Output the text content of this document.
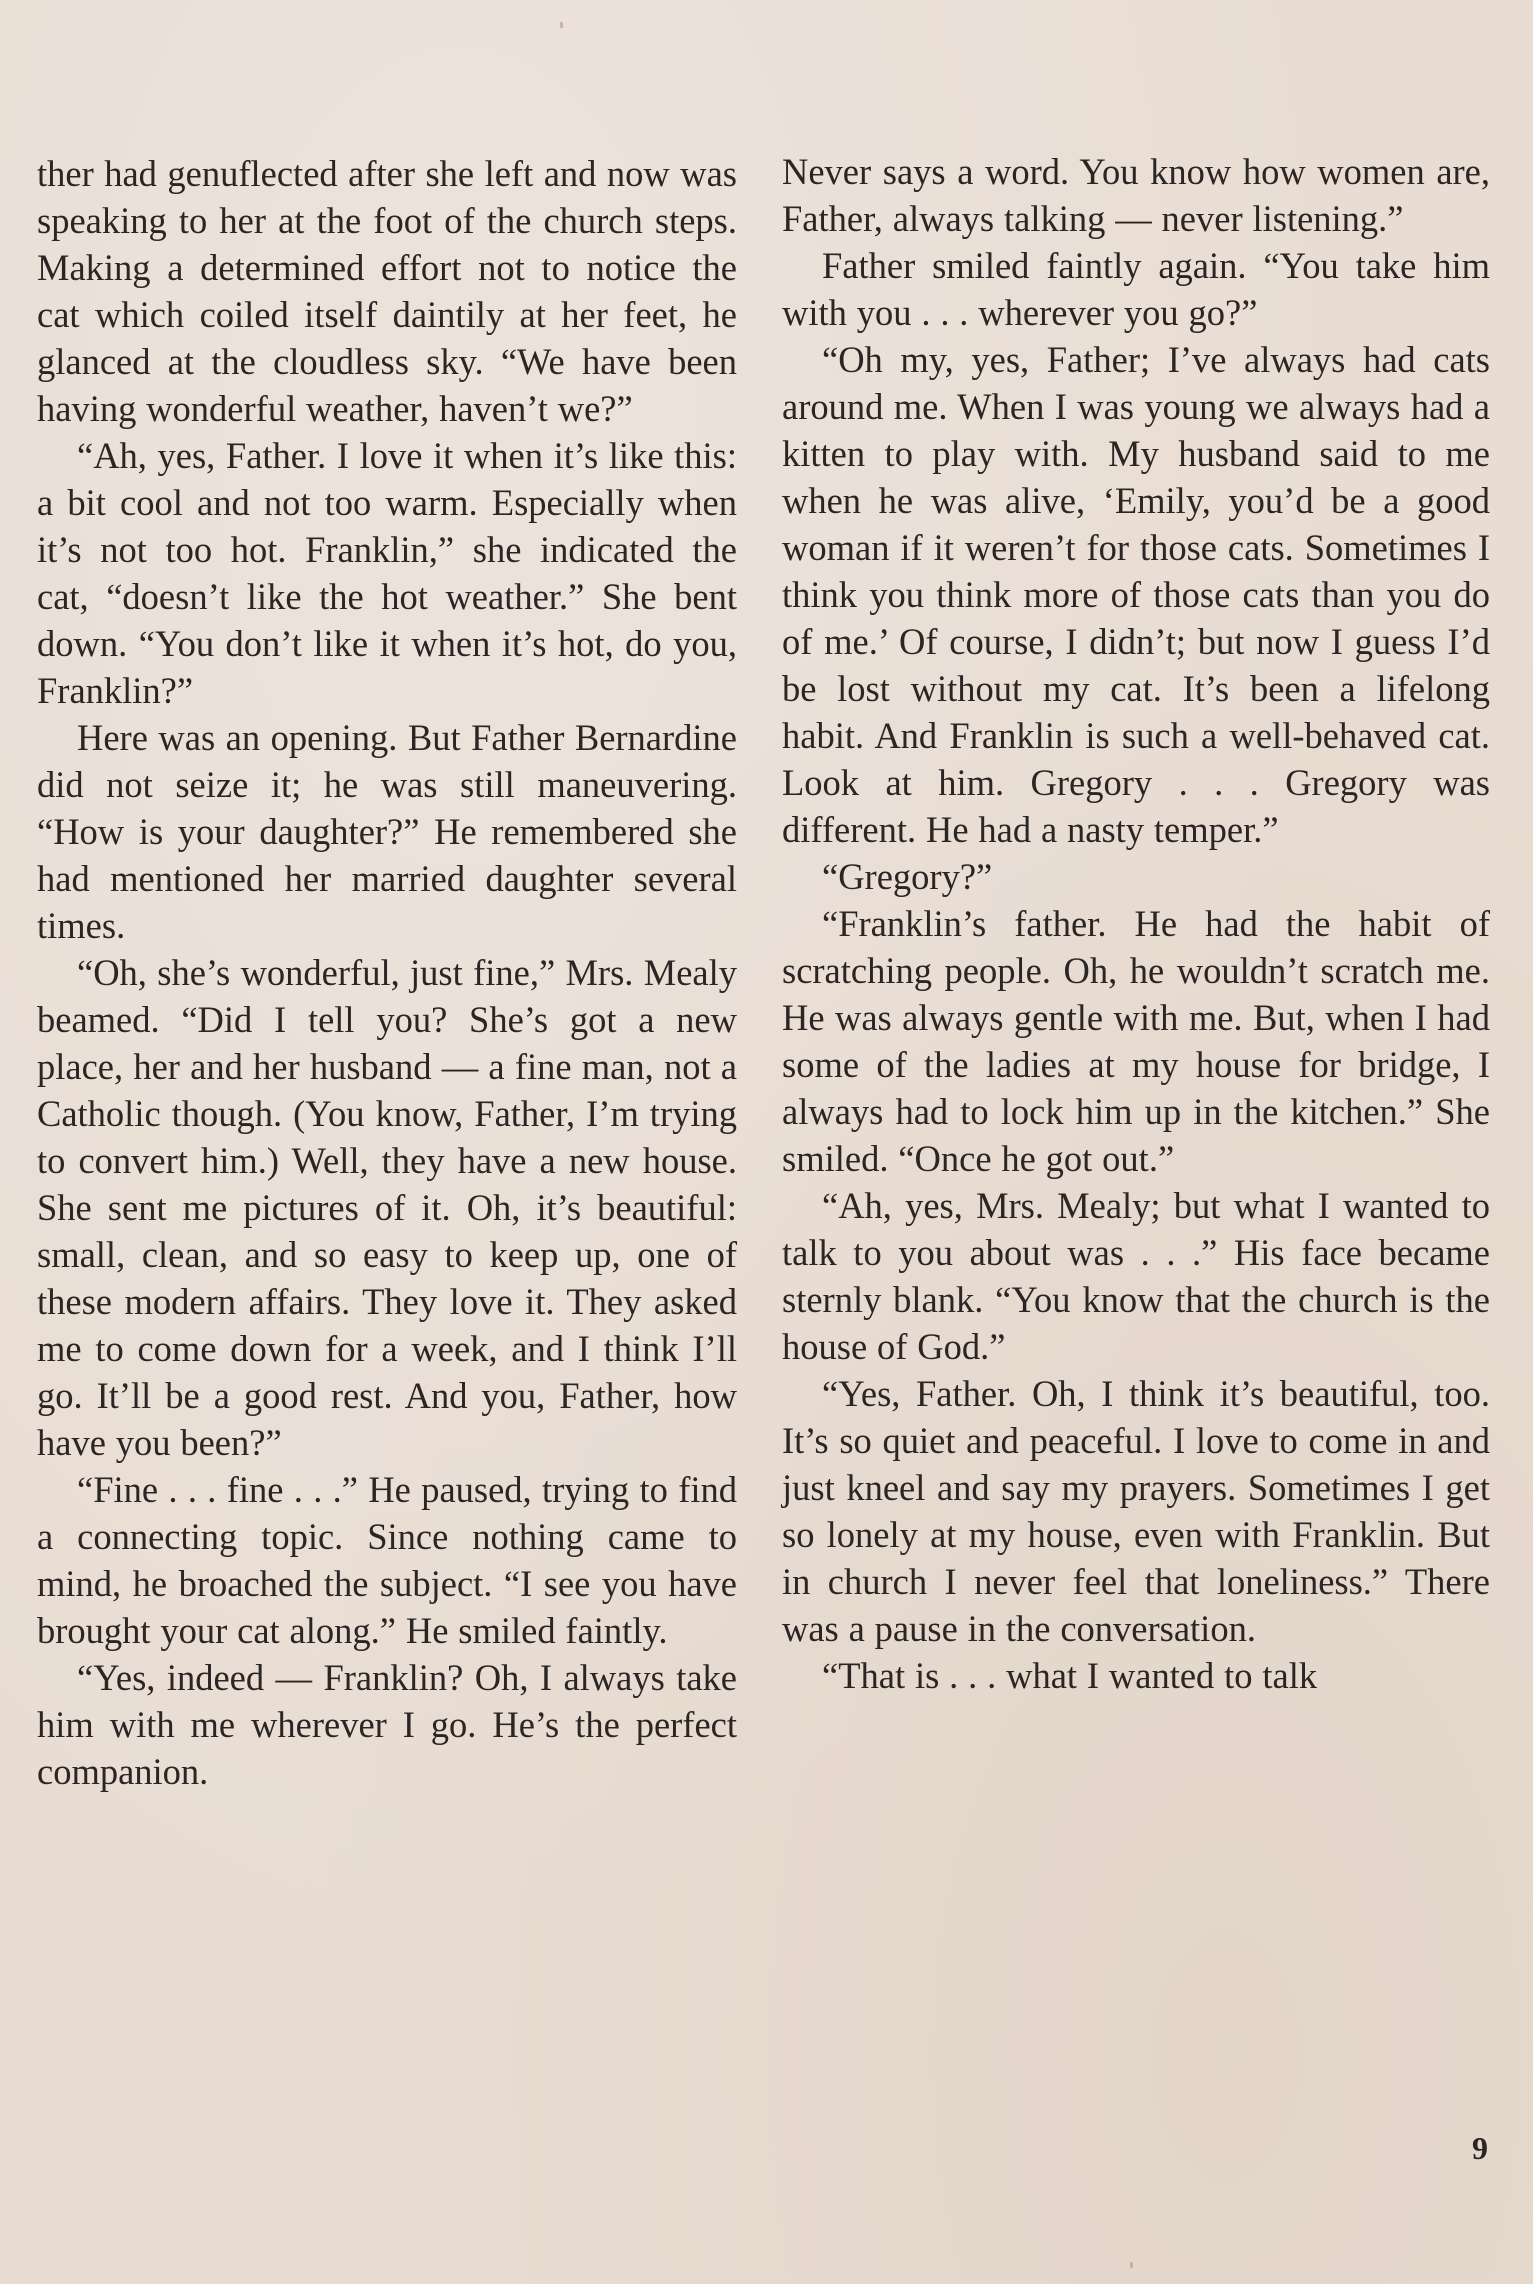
ther had genuflected after she left and now was speaking to her at the foot of the church steps. Making a determined effort not to notice the cat which coiled itself daintily at her feet, he glanced at the cloudless sky. “We have been having wonderful weather, haven’t we?”

“Ah, yes, Father. I love it when it’s like this: a bit cool and not too warm. Especially when it’s not too hot. Franklin,” she indicated the cat, “doesn’t like the hot weather.” She bent down. “You don’t like it when it’s hot, do you, Franklin?”

Here was an opening. But Father Bernardine did not seize it; he was still maneuvering. “How is your daughter?” He remembered she had mentioned her married daughter several times.

“Oh, she’s wonderful, just fine,” Mrs. Mealy beamed. “Did I tell you? She’s got a new place, her and her husband — a fine man, not a Catholic though. (You know, Father, I’m trying to convert him.) Well, they have a new house. She sent me pictures of it. Oh, it’s beautiful: small, clean, and so easy to keep up, one of these modern affairs. They love it. They asked me to come down for a week, and I think I’ll go. It’ll be a good rest. And you, Father, how have you been?”

“Fine . . . fine . . .” He paused, trying to find a connecting topic. Since nothing came to mind, he broached the subject. “I see you have brought your cat along.” He smiled faintly.

“Yes, indeed — Franklin? Oh, I always take him with me wherever I go. He’s the perfect companion.

Never says a word. You know how women are, Father, always talking — never listening.”

Father smiled faintly again. “You take him with you . . . wherever you go?”

“Oh my, yes, Father; I’ve always had cats around me. When I was young we always had a kitten to play with. My husband said to me when he was alive, ‘Emily, you’d be a good woman if it weren’t for those cats. Sometimes I think you think more of those cats than you do of me.’ Of course, I didn’t; but now I guess I’d be lost without my cat. It’s been a lifelong habit. And Franklin is such a well-behaved cat. Look at him. Gregory . . . Gregory was different. He had a nasty temper.”

“Gregory?”

“Franklin’s father. He had the habit of scratching people. Oh, he wouldn’t scratch me. He was always gentle with me. But, when I had some of the ladies at my house for bridge, I always had to lock him up in the kitchen.” She smiled. “Once he got out.”

“Ah, yes, Mrs. Mealy; but what I wanted to talk to you about was . . .” His face became sternly blank. “You know that the church is the house of God.”

“Yes, Father. Oh, I think it’s beautiful, too. It’s so quiet and peaceful. I love to come in and just kneel and say my prayers. Sometimes I get so lonely at my house, even with Franklin. But in church I never feel that loneliness.” There was a pause in the conversation.

“That is . . . what I wanted to talk

9
